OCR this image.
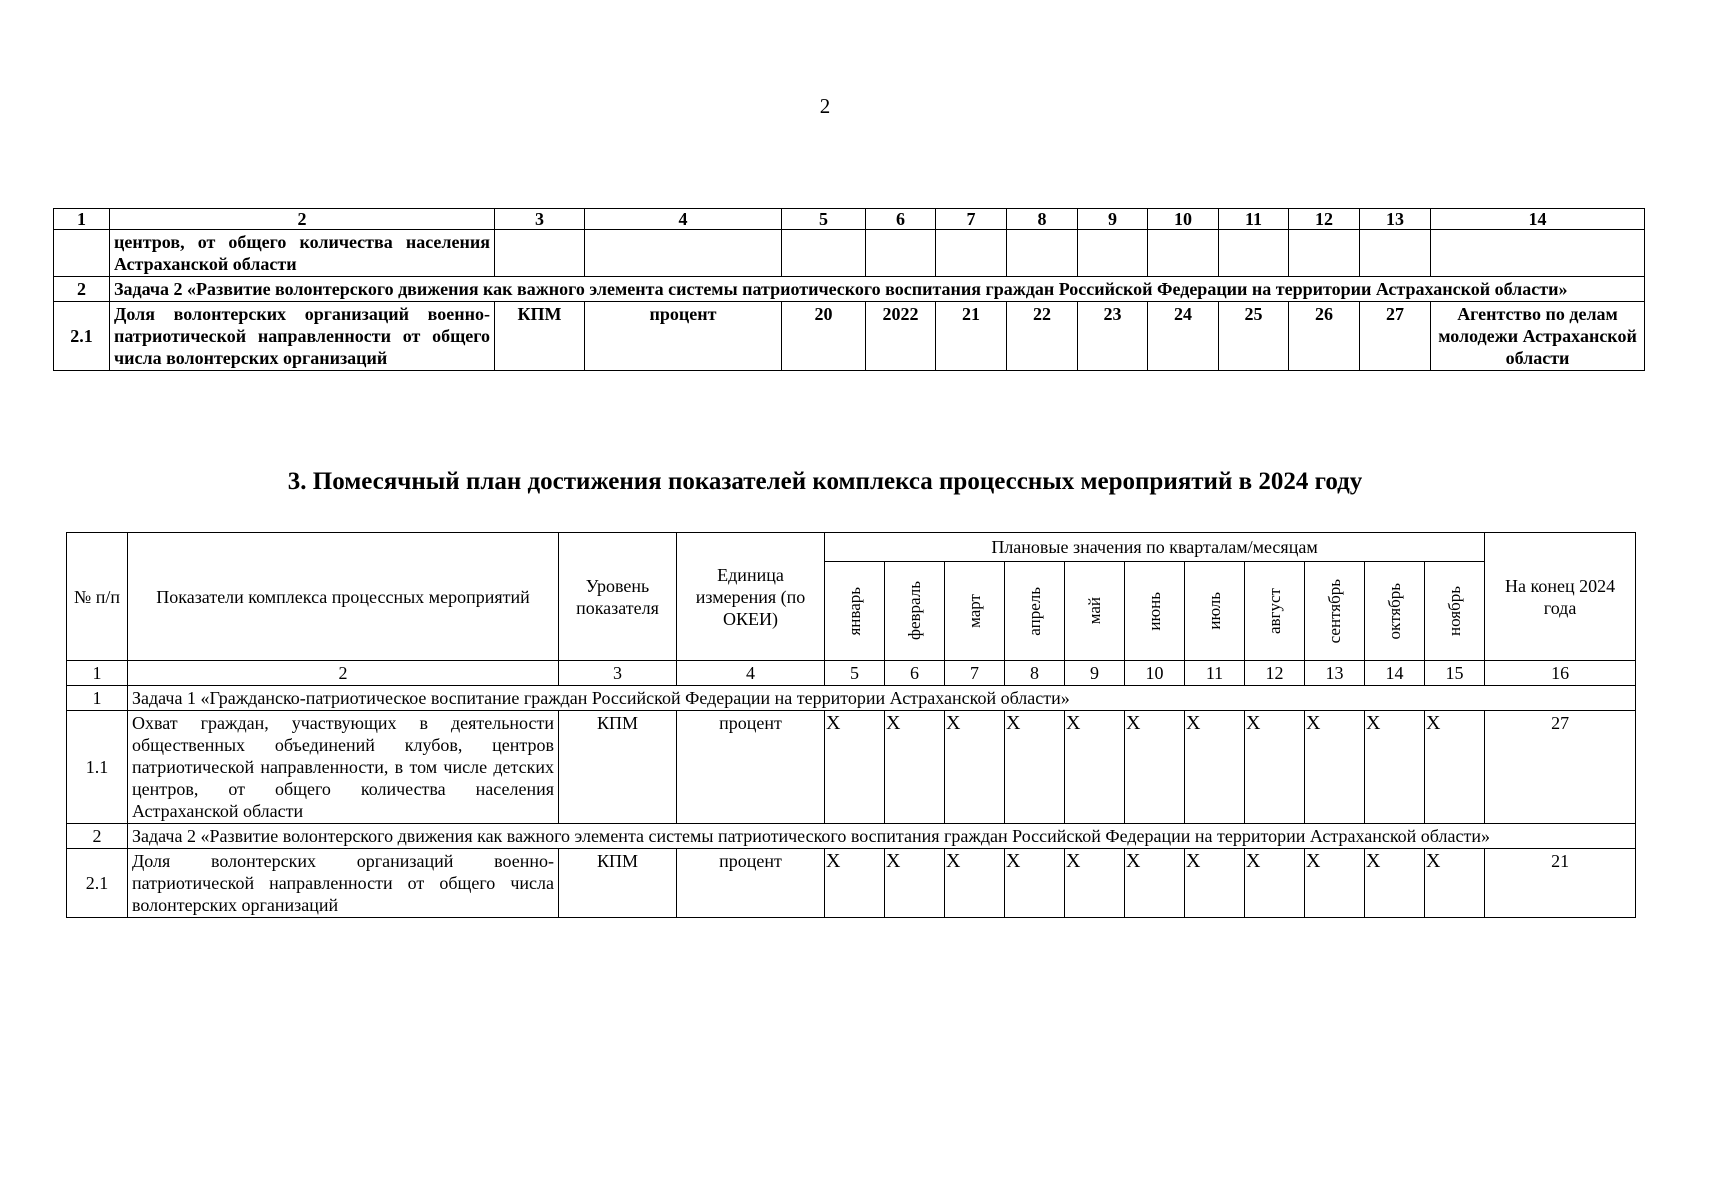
2
1	2	3	4	5	6	7	8	9	10	11	12	13	14
	центров, от общего количества населения Астраханской области												
2	Задача 2 «Развитие волонтерского движения как важного элемента системы патриотического воспитания граждан Российской Федерации на территории Астраханской области»												
2.1	Доля волонтерских организаций военно-патриотической направленности от общего числа волонтерских организаций	КПМ	процент	20	2022	21	22	23	24	25	26	27	Агентство по делам молодежи Астраханской области
3. Помесячный план достижения показателей комплекса процессных мероприятий в 2024 году
№ п/п	Показатели комплекса процессных мероприятий	Уровень показателя	Единица измерения (по ОКЕИ)	Плановые значения по кварталам/месяцам											На конец 2024 года

				январь	февраль	март	апрель	май	июнь	июль	август	сентябрь	октябрь	ноябрь	

1	2	3	4	5	6	7	8	9	10	11	12	13	14	15	16
1	Задача 1 «Гражданско-патриотическое воспитание граждан Российской Федерации на территории Астраханской области»														
1.1	Охват граждан, участвующих в деятельности общественных объединений клубов, центров патриотической направленности, в том числе детских центров, от общего количества населения Астраханской области	КПМ	процент	X	X	X	X	X	X	X	X	X	X	X	27
2	Задача 2 «Развитие волонтерского движения как важного элемента системы патриотического воспитания граждан Российской Федерации на территории Астраханской области»														
2.1	Доля волонтерских организаций военно-патриотической направленности от общего числа волонтерских организаций	КПМ	процент	X	X	X	X	X	X	X	X	X	X	X	21
